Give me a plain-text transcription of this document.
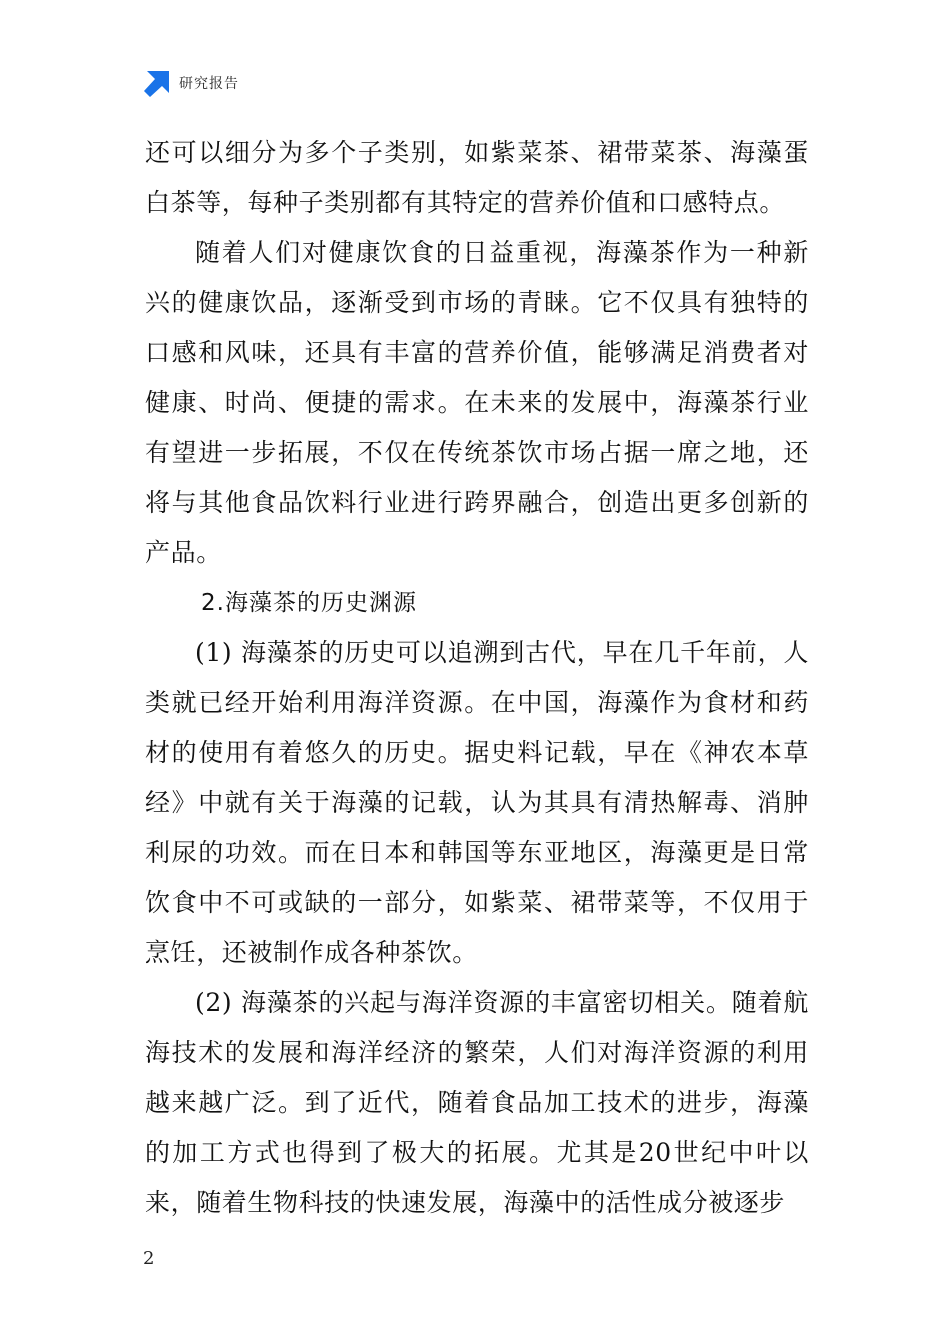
研究报告

还可以细分为多个子类别，如紫菜茶、裙带菜茶、海藻蛋白茶等，每种子类别都有其特定的营养价值和口感特点。

随着人们对健康饮食的日益重视，海藻茶作为一种新兴的健康饮品，逐渐受到市场的青睐。它不仅具有独特的口感和风味，还具有丰富的营养价值，能够满足消费者对健康、时尚、便捷的需求。在未来的发展中，海藻茶行业有望进一步拓展，不仅在传统茶饮市场占据一席之地，还将与其他食品饮料行业进行跨界融合，创造出更多创新的产品。

2.海藻茶的历史渊源

(1) 海藻茶的历史可以追溯到古代，早在几千年前，人类就已经开始利用海洋资源。在中国，海藻作为食材和药材的使用有着悠久的历史。据史料记载，早在《神农本草经》中就有关于海藻的记载，认为其具有清热解毒、消肿利尿的功效。而在日本和韩国等东亚地区，海藻更是日常饮食中不可或缺的一部分，如紫菜、裙带菜等，不仅用于烹饪，还被制作成各种茶饮。

(2) 海藻茶的兴起与海洋资源的丰富密切相关。随着航海技术的发展和海洋经济的繁荣，人们对海洋资源的利用越来越广泛。到了近代，随着食品加工技术的进步，海藻的加工方式也得到了极大的拓展。尤其是20世纪中叶以来，随着生物科技的快速发展，海藻中的活性成分被逐步

2
